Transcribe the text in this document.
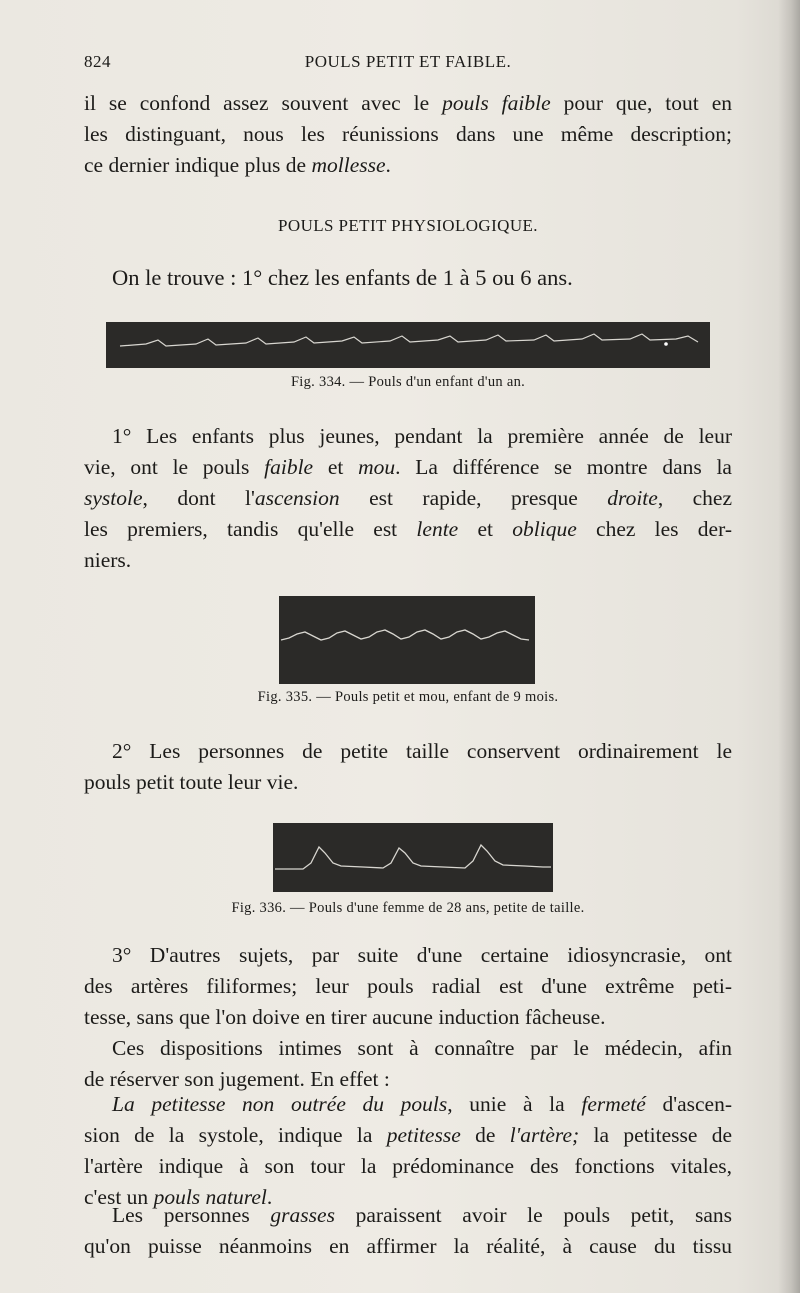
824	POULS PETIT ET FAIBLE.
il se confond assez souvent avec le pouls faible pour que, tout en
les distinguant, nous les réunissions dans une même description;
ce dernier indique plus de mollesse.
POULS PETIT PHYSIOLOGIQUE.
On le trouve : 1° chez les enfants de 1 à 5 ou 6 ans.
Fig. 334. — Pouls d'un enfant d'un an.
1° Les enfants plus jeunes, pendant la première année de leur
vie, ont le pouls faible et mou. La différence se montre dans la
systole, dont l'ascension est rapide, presque droite, chez
les premiers, tandis qu'elle est lente et oblique chez les der-
niers.
Fig. 335. — Pouls petit et mou, enfant de 9 mois.
2° Les personnes de petite taille conservent ordinairement le
pouls petit toute leur vie.
Fig. 336. — Pouls d'une femme de 28 ans, petite de taille.
3° D'autres sujets, par suite d'une certaine idiosyncrasie, ont
des artères filiformes; leur pouls radial est d'une extrême peti-
tesse, sans que l'on doive en tirer aucune induction fâcheuse.
Ces dispositions intimes sont à connaître par le médecin, afin
de réserver son jugement. En effet :
La petitesse non outrée du pouls, unie à la fermeté d'ascen-
sion de la systole, indique la petitesse de l'artère; la petitesse de
l'artère indique à son tour la prédominance des fonctions vitales,
c'est un pouls naturel.
Les personnes grasses paraissent avoir le pouls petit, sans
qu'on puisse néanmoins en affirmer la réalité, à cause du tissu
